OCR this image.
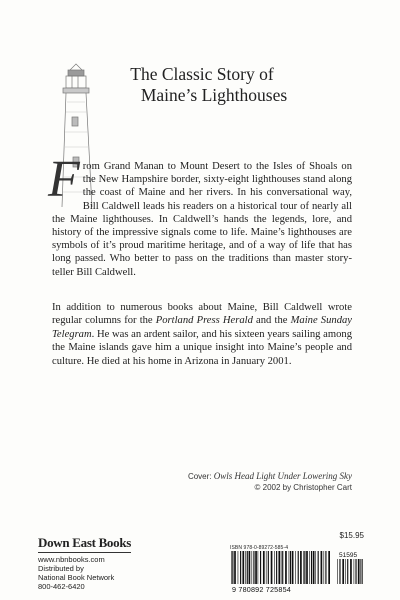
The Classic Story of
Maine’s Lighthouses
F rom Grand Manan to Mount Desert to the Isles of Shoals on the New Hampshire border, sixty-eight lighthouses stand along the coast of Maine and her rivers. In his conversational way, Bill Caldwell leads his readers on a historical tour of nearly all the Maine lighthouses. In Caldwell’s hands the legends, lore, and history of the impressive signals come to life. Maine’s lighthouses are symbols of it’s proud maritime heritage, and of a way of life that has long passed. Who better to pass on the traditions than master story-teller Bill Caldwell.

In addition to numerous books about Maine, Bill Caldwell wrote regular columns for the Portland Press Herald and the Maine Sunday Telegram. He was an ardent sailor, and his sixteen years sailing among the Maine islands gave him a unique insight into Maine’s people and culture. He died at his home in Arizona in January 2001.

Cover: Owls Head Light Under Lowering Sky
© 2002 by Christopher Cart
Down East Books
www.nbnbooks.com
Distributed by
National Book Network
800-462-6420
$15.95
ISBN 978-0-89272-585-4
51595
9 780892 725854
